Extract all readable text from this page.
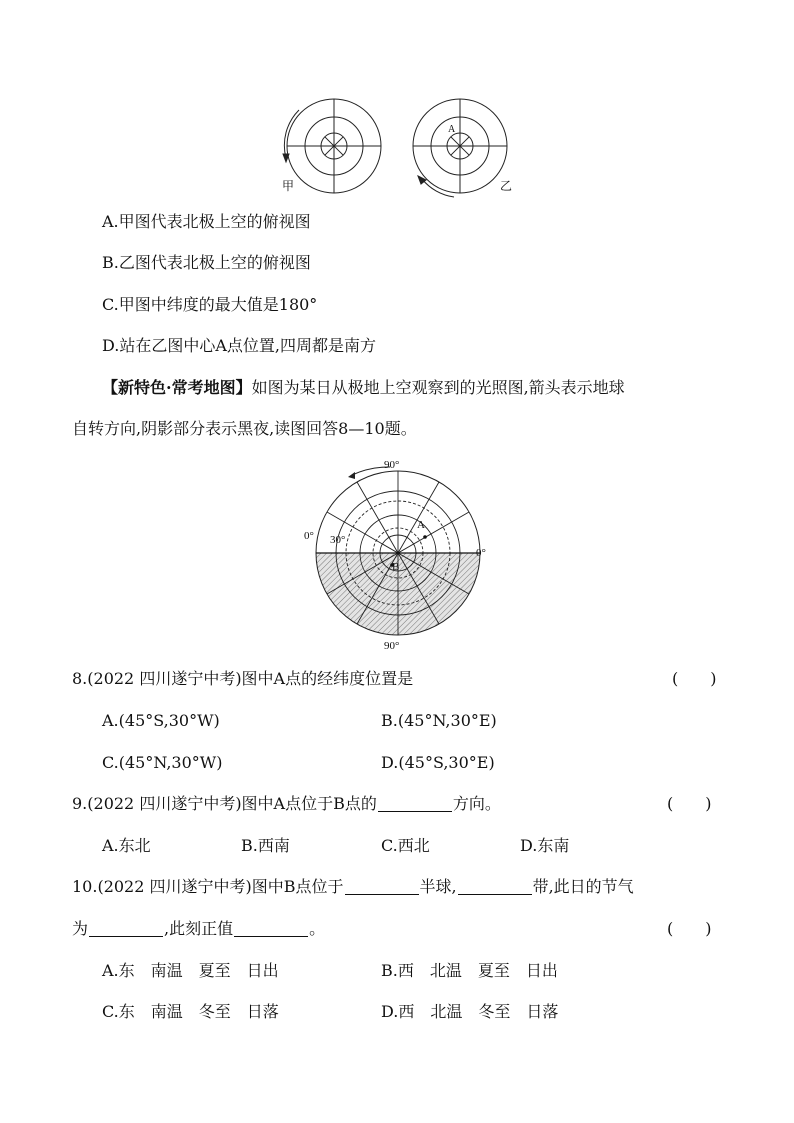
甲
A
乙
A.甲图代表北极上空的俯视图
B.乙图代表北极上空的俯视图
C.甲图中纬度的最大值是180°
D.站在乙图中心A点位置,四周都是南方
【新特色·常考地图】如图为某日从极地上空观察到的光照图,箭头表示地球
自转方向,阴影部分表示黑夜,读图回答8—10题。
90°
90°
0°
0°
30°
A
B
8.(2022 四川遂宁中考)图中A点的经纬度位置是	(　　)
A.(45°S,30°W)	B.(45°N,30°E)
C.(45°N,30°W)	D.(45°S,30°E)
9.(2022 四川遂宁中考)图中A点位于B点的	方向。	(　　)
A.东北	B.西南	C.西北	D.东南
10.(2022 四川遂宁中考)图中B点位于	半球,	带,此日的节气
为	,此刻正值	。	(　　)
A.东　南温　夏至　日出	B.西　北温　夏至　日出
C.东　南温　冬至　日落	D.西　北温　冬至　日落
